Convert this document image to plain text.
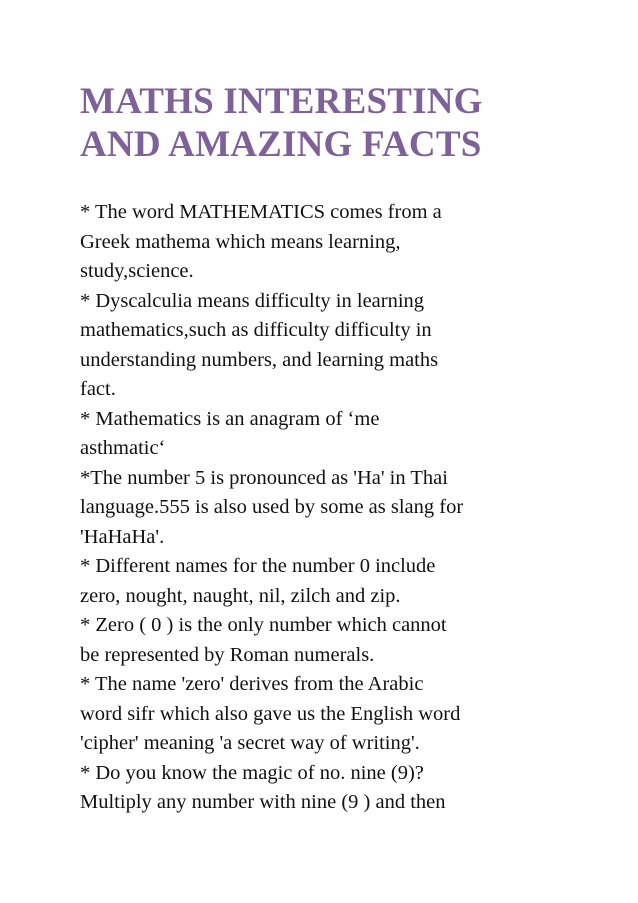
MATHS INTERESTING
AND AMAZING FACTS
* The word MATHEMATICS comes from a
Greek mathema which means learning,
study,science.
* Dyscalculia means difficulty in learning
mathematics,such as difficulty difficulty in
understanding numbers, and learning maths
fact.
* Mathematics is an anagram of ‘me
asthmatic‘
*The number 5 is pronounced as 'Ha' in Thai
language.555 is also used by some as slang for
'HaHaHa'.
* Different names for the number 0 include
zero, nought, naught, nil, zilch and zip.
* Zero ( 0 ) is the only number which cannot
be represented by Roman numerals.
* The name 'zero' derives from the Arabic
word sifr which also gave us the English word
'cipher' meaning 'a secret way of writing'.
* Do you know the magic of no. nine (9)?
Multiply any number with nine (9 ) and then
